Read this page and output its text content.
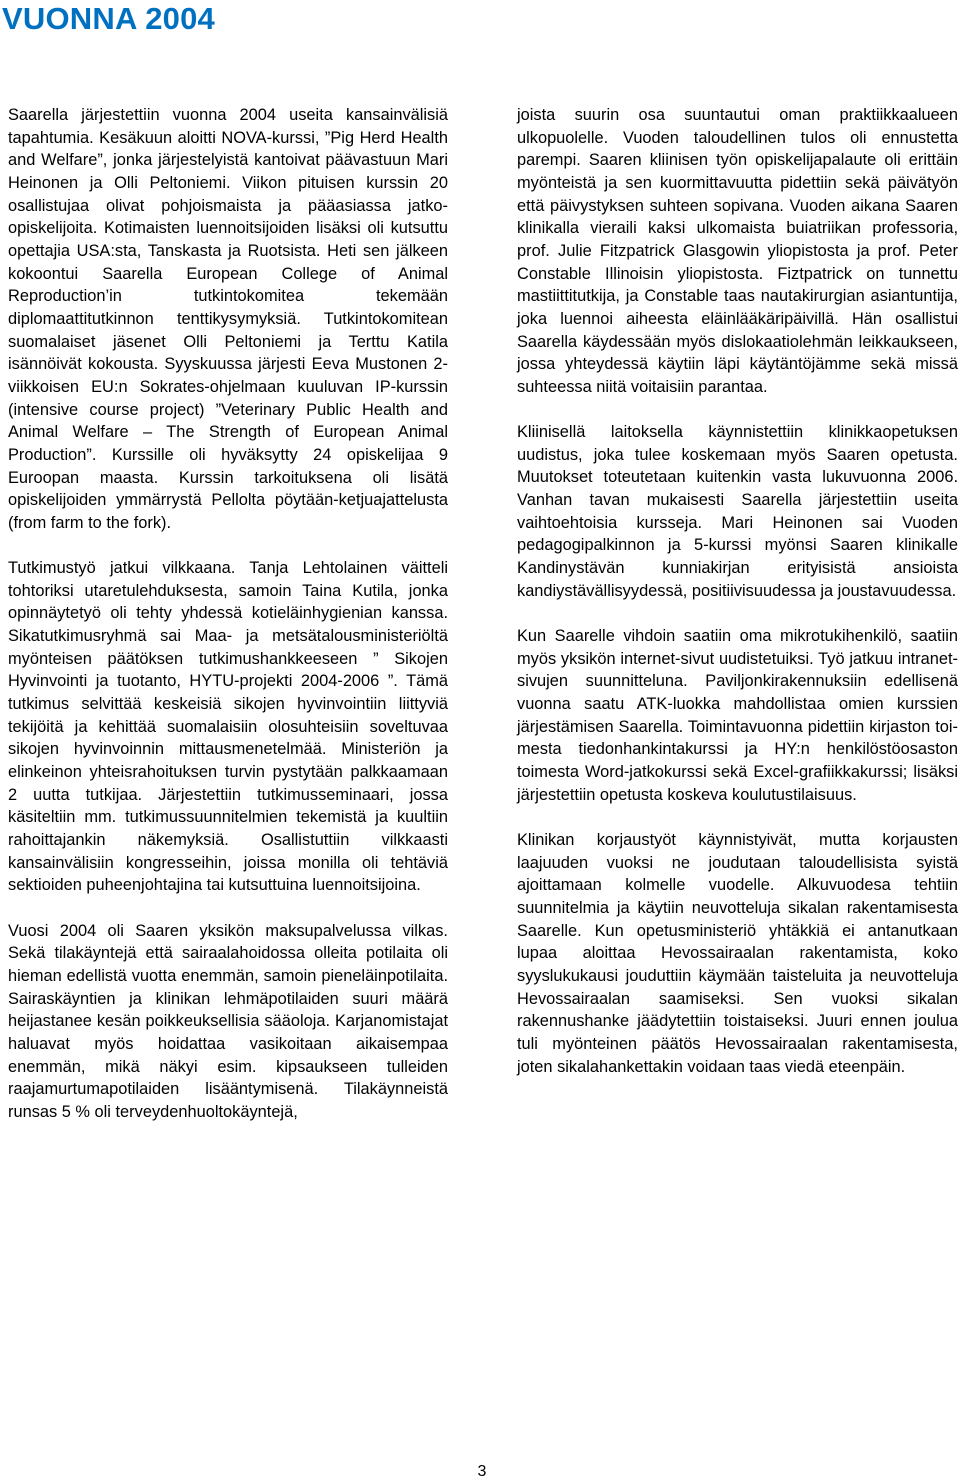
VUONNA 2004

Saarella järjestettiin vuonna 2004 useita kansainvälisiä tapahtumia. Kesäkuun aloitti NOVA-kurssi, ”Pig Herd Health and Welfare”, jonka järjestelyistä kantoivat päävastuun Mari Heinonen ja Olli Peltoniemi. Viikon pituisen kurssin 20 osallistujaa olivat pohjoismaista ja pääasiassa jatko-opiskelijoita. Kotimaisten luennoitsijoiden lisäksi oli kutsuttu opettajia USA:sta, Tanskasta ja Ruotsista. Heti sen jälkeen kokoontui Saarella European College of Animal Reproduction’in tutkintokomitea tekemään diplomaattitutkinnon tenttikysymyksiä. Tutkintokomitean suomalaiset jäsenet Olli Peltoniemi ja Terttu Katila isännöivät kokousta. Syyskuussa järjesti Eeva Mustonen 2-viikkoisen EU:n Sokrates-ohjelmaan kuuluvan IP-kurssin (intensive course project) ”Veterinary Public Health and Animal Welfare – The Strength of European Animal Production”. Kurssille oli hyväksytty 24 opiskelijaa 9 Euroopan maasta. Kurssin tarkoituksena oli lisätä opiskelijoiden ymmärrystä Pellolta pöytään-ketjuajattelusta (from farm to the fork).

Tutkimustyö jatkui vilkkaana. Tanja Lehtolainen väitteli tohtoriksi utaretulehduksesta, samoin Taina Kutila, jonka opinnäytetyö oli tehty yhdessä kotieläinhygienian kanssa. Sikatutkimusryhmä sai Maa- ja metsätalousministeriöltä myönteisen päätöksen tutkimushankkeeseen ” Sikojen Hyvinvointi ja tuotanto, HYTU-projekti 2004-2006 ”. Tämä tutkimus selvittää keskeisiä sikojen hyvinvointiin liittyviä tekijöitä ja kehittää suomalaisiin olosuhteisiin soveltuvaa sikojen hyvinvoinnin mittausmenetelmää. Ministeriön ja elinkeinon yhteisrahoituksen turvin pystytään palkkaamaan 2 uutta tutkijaa. Järjestettiin tutkimusseminaari, jossa käsiteltiin mm. tutkimussuunnitelmien tekemistä ja kuultiin rahoittajankin näkemyksiä. Osallistuttiin vilkkaasti kansainvälisiin kongresseihin, joissa monilla oli tehtäviä sektioiden puheenjohtajina tai kutsuttuina luennoitsijoina.

Vuosi 2004 oli Saaren yksikön maksupalvelussa vilkas. Sekä tilakäyntejä että sairaalahoidossa olleita potilaita oli hieman edellistä vuotta enemmän, samoin pieneläinpotilaita. Sairaskäyntien ja klinikan lehmäpotilaiden suuri määrä heijastanee kesän poikkeuksellisia sääoloja. Karjanomistajat haluavat myös hoidattaa vasikoitaan aikaisempaa enemmän, mikä näkyi esim. kipsaukseen tulleiden raajamurtumapotilaiden lisääntymisenä. Tilakäynneistä runsas 5 % oli terveydenhuoltokäyntejä,

joista suurin osa suuntautui oman praktiikkaalueen ulkopuolelle. Vuoden taloudellinen tulos oli ennustetta parempi. Saaren kliinisen työn opiskelijapalaute oli erittäin myönteistä ja sen kuormittavuutta pidettiin sekä päivätyön että päivystyksen suhteen sopivana. Vuoden aikana Saaren klinikalla vieraili kaksi ulkomaista buiatriikan professoria, prof. Julie Fitzpatrick Glasgowin yliopistosta ja prof. Peter Constable Illinoisin yliopistosta. Fiztpatrick on tunnettu mastiittitutkija, ja Constable taas nautakirurgian asiantuntija, joka luennoi aiheesta eläinlääkäripäivillä. Hän osallistui Saarella käydessään myös dislokaatiolehmän leikkaukseen, jossa yhteydessä käytiin läpi käytäntöjämme sekä missä suhteessa niitä voitaisiin parantaa.

Kliinisellä laitoksella käynnistettiin klinikkaopetuksen uudistus, joka tulee koskemaan myös Saaren opetusta. Muutokset toteutetaan kuitenkin vasta lukuvuonna 2006. Vanhan tavan mukaisesti Saarella järjestettiin useita vaihtoehtoisia kursseja. Mari Heinonen sai Vuoden pedagogipalkinnon ja 5-kurssi myönsi Saaren klinikalle Kandinystävän kunniakirjan erityisistä ansioista kandiystävällisyydessä, positiivisuudessa ja joustavuudessa.

Kun Saarelle vihdoin saatiin oma mikrotukihenkilö, saatiin myös yksikön internet-sivut uudistetuiksi. Työ jatkuu intranet-sivujen suunnitteluna. Paviljonkirakennuksiin edellisenä vuonna saatu ATK-luokka mahdollistaa omien kurssien järjestämisen Saarella. Toimintavuonna pidettiin kirjaston toimesta tiedonhankintakurssi ja HY:n henkilöstöosaston toimesta Word-jatkokurssi sekä Excel-grafiikkakurssi; lisäksi järjestettiin opetusta koskeva koulutustilaisuus.

Klinikan korjaustyöt käynnistyivät, mutta korjausten laajuuden vuoksi ne joudutaan taloudellisista syistä ajoittamaan kolmelle vuodelle. Alkuvuodesa tehtiin suunnitelmia ja käytiin neuvotteluja sikalan rakentamisesta Saarelle. Kun opetusministeriö yhtäkkiä ei antanutkaan lupaa aloittaa Hevossairaalan rakentamista, koko syyslukukausi jouduttiin käymään taisteluita ja neuvotteluja Hevossairaalan saamiseksi. Sen vuoksi sikalan rakennushanke jäädytettiin toistaiseksi. Juuri ennen joulua tuli myönteinen päätös Hevossairaalan rakentamisesta, joten sikalahankettakin voidaan taas viedä eteenpäin.

3
